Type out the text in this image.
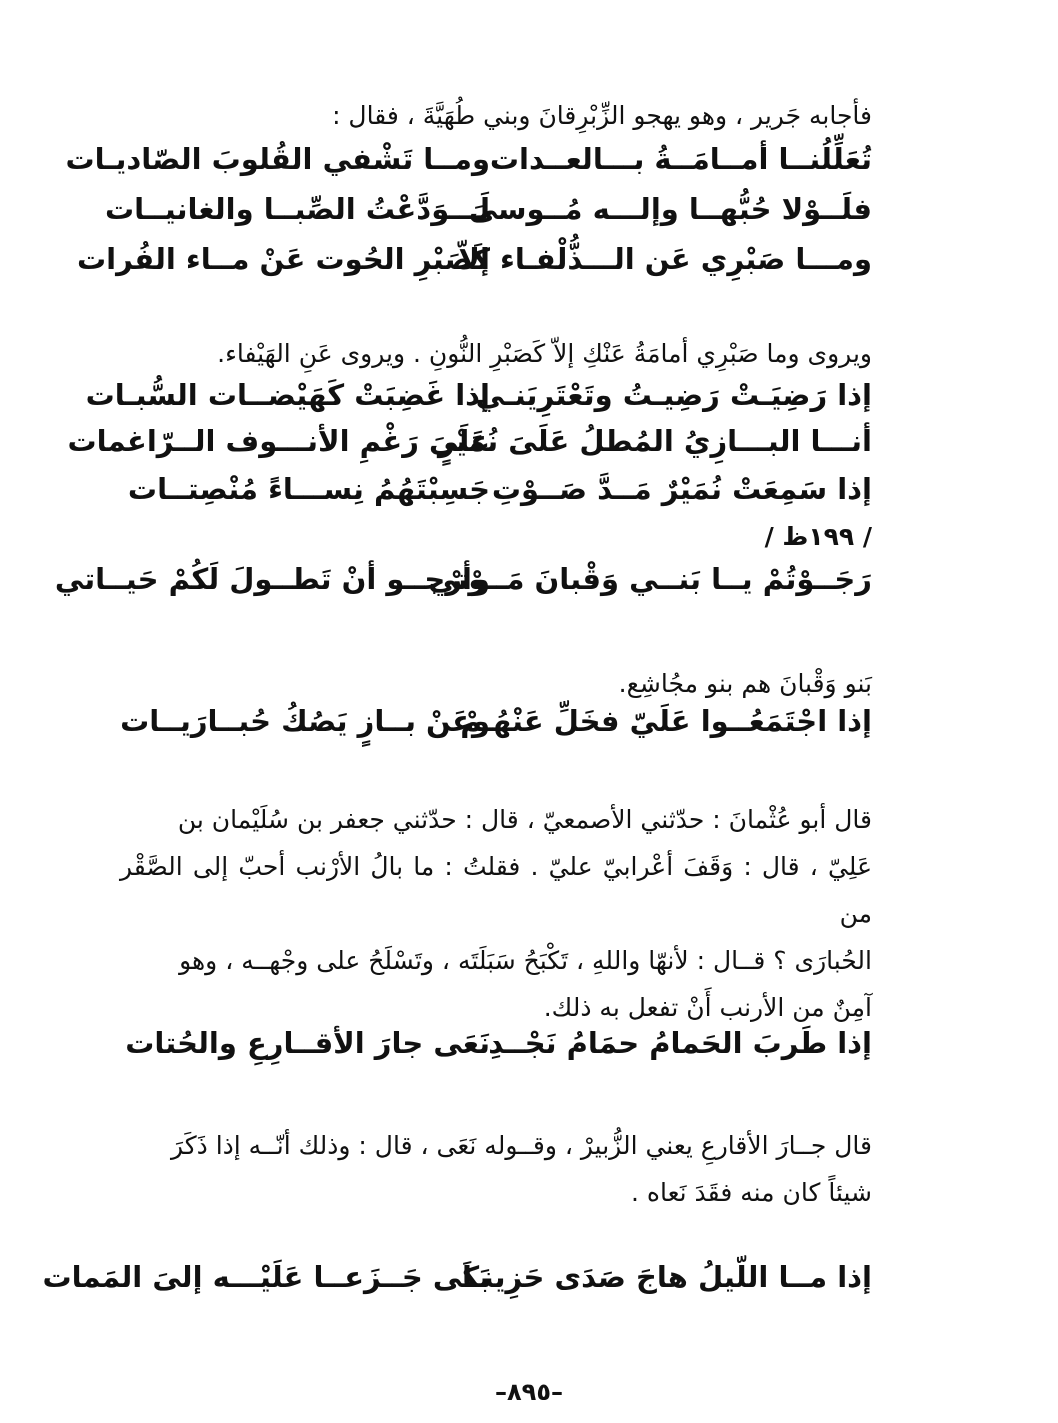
فأجابه جَرير ، وهو يهجو الزِّبْرِقانَ وبني طُهَيَّةَ ، فقال :
تُعَلِّلُنــا أمــامَــةُ بـــالعــدات
ومــا تَشْفي القُلوبَ الصّاديـات
فلَــوْلا حُبُّهــا وإلـــه مُــوسىَ
لَـــوَدَّعْتُ الصِّبــا والغانيــات
ومـــا صَبْرِي عَن الـــذُّلْفـاء إلاّ
كَصَبْرِ الحُوت عَنْ مــاء الفُرات
ويروى وما صَبْرِي أمامَةُ عَنْكِ إلاّ كَصَبْرِ النُّونِ . ويروى عَنِ الهَيْفاء.
إذا رَضِيَـتْ رَضِيـتُ وتَعْتَرِيَنـي
إذا غَضِبَتْ كَهَيْضــات السُّبـات
أنـــا البـــازِيُ المُطلُ عَلَىَ نُمَيْرٍ
عَلَىَ رَغْمِ الأنـــوف الــرّاغمات
إذا سَمِعَتْ نُمَيْرٌ مَــدَّ صَــوْتِ
جَسِبْتَهُمُ نِســـاءً مُنْصِتــات
/ ١٩٩ظ /
رَجَــوْتُمْ يــا بَنــي وَقْبانَ مَــوْتي
وأرْجــو أنْ تَطــولَ لَكُمْ حَيــاتي
بَنو وَقْبانَ هم بنو مجُاشِع.
إذا اجْتَمَعُــوا عَلَيّ فخَلِّ عَنْهُـمْ
وعَنْ بــازٍ يَصُكُ حُبــارَيــات
قال أبو عُثْمانَ : حدّثني الأصمعيّ ، قال : حدّثني جعفر بن سُلَيْمان بن
عَلِيّ ، قال : وَقَفَ أعْرابيّ عليّ . فقلتُ : ما بالُ الأرْنب أحبّ إلى الصَّقْر من
الحُبارَى ؟ قــال : لأنهّا واللهِ ، تَكْبَحُ سَبَلَتَه ، وتَسْلَحُ على وجْهــه ، وهو
آمِنٌ من الأرنب أَنْ تفعل به ذلك.
إذا طَربَ الحَمامُ حمَامُ نَجْــدِ
نَعَى جارَ الأقــارِعِ والحُتات
قال جــارَ الأقارعِ يعني الزُّبيرْ ، وقــوله نَعَى ، قال : وذلك أنّــه إذا ذَكَرَ
شيئاً كان منه فقَدَ نَعاه .
إذا مــا اللّيلُ هاجَ صَدَى حَزِينـا
بَكَى جَــزَعــا عَلَيْـــه إلىَ المَمات
–٨٩٥–
